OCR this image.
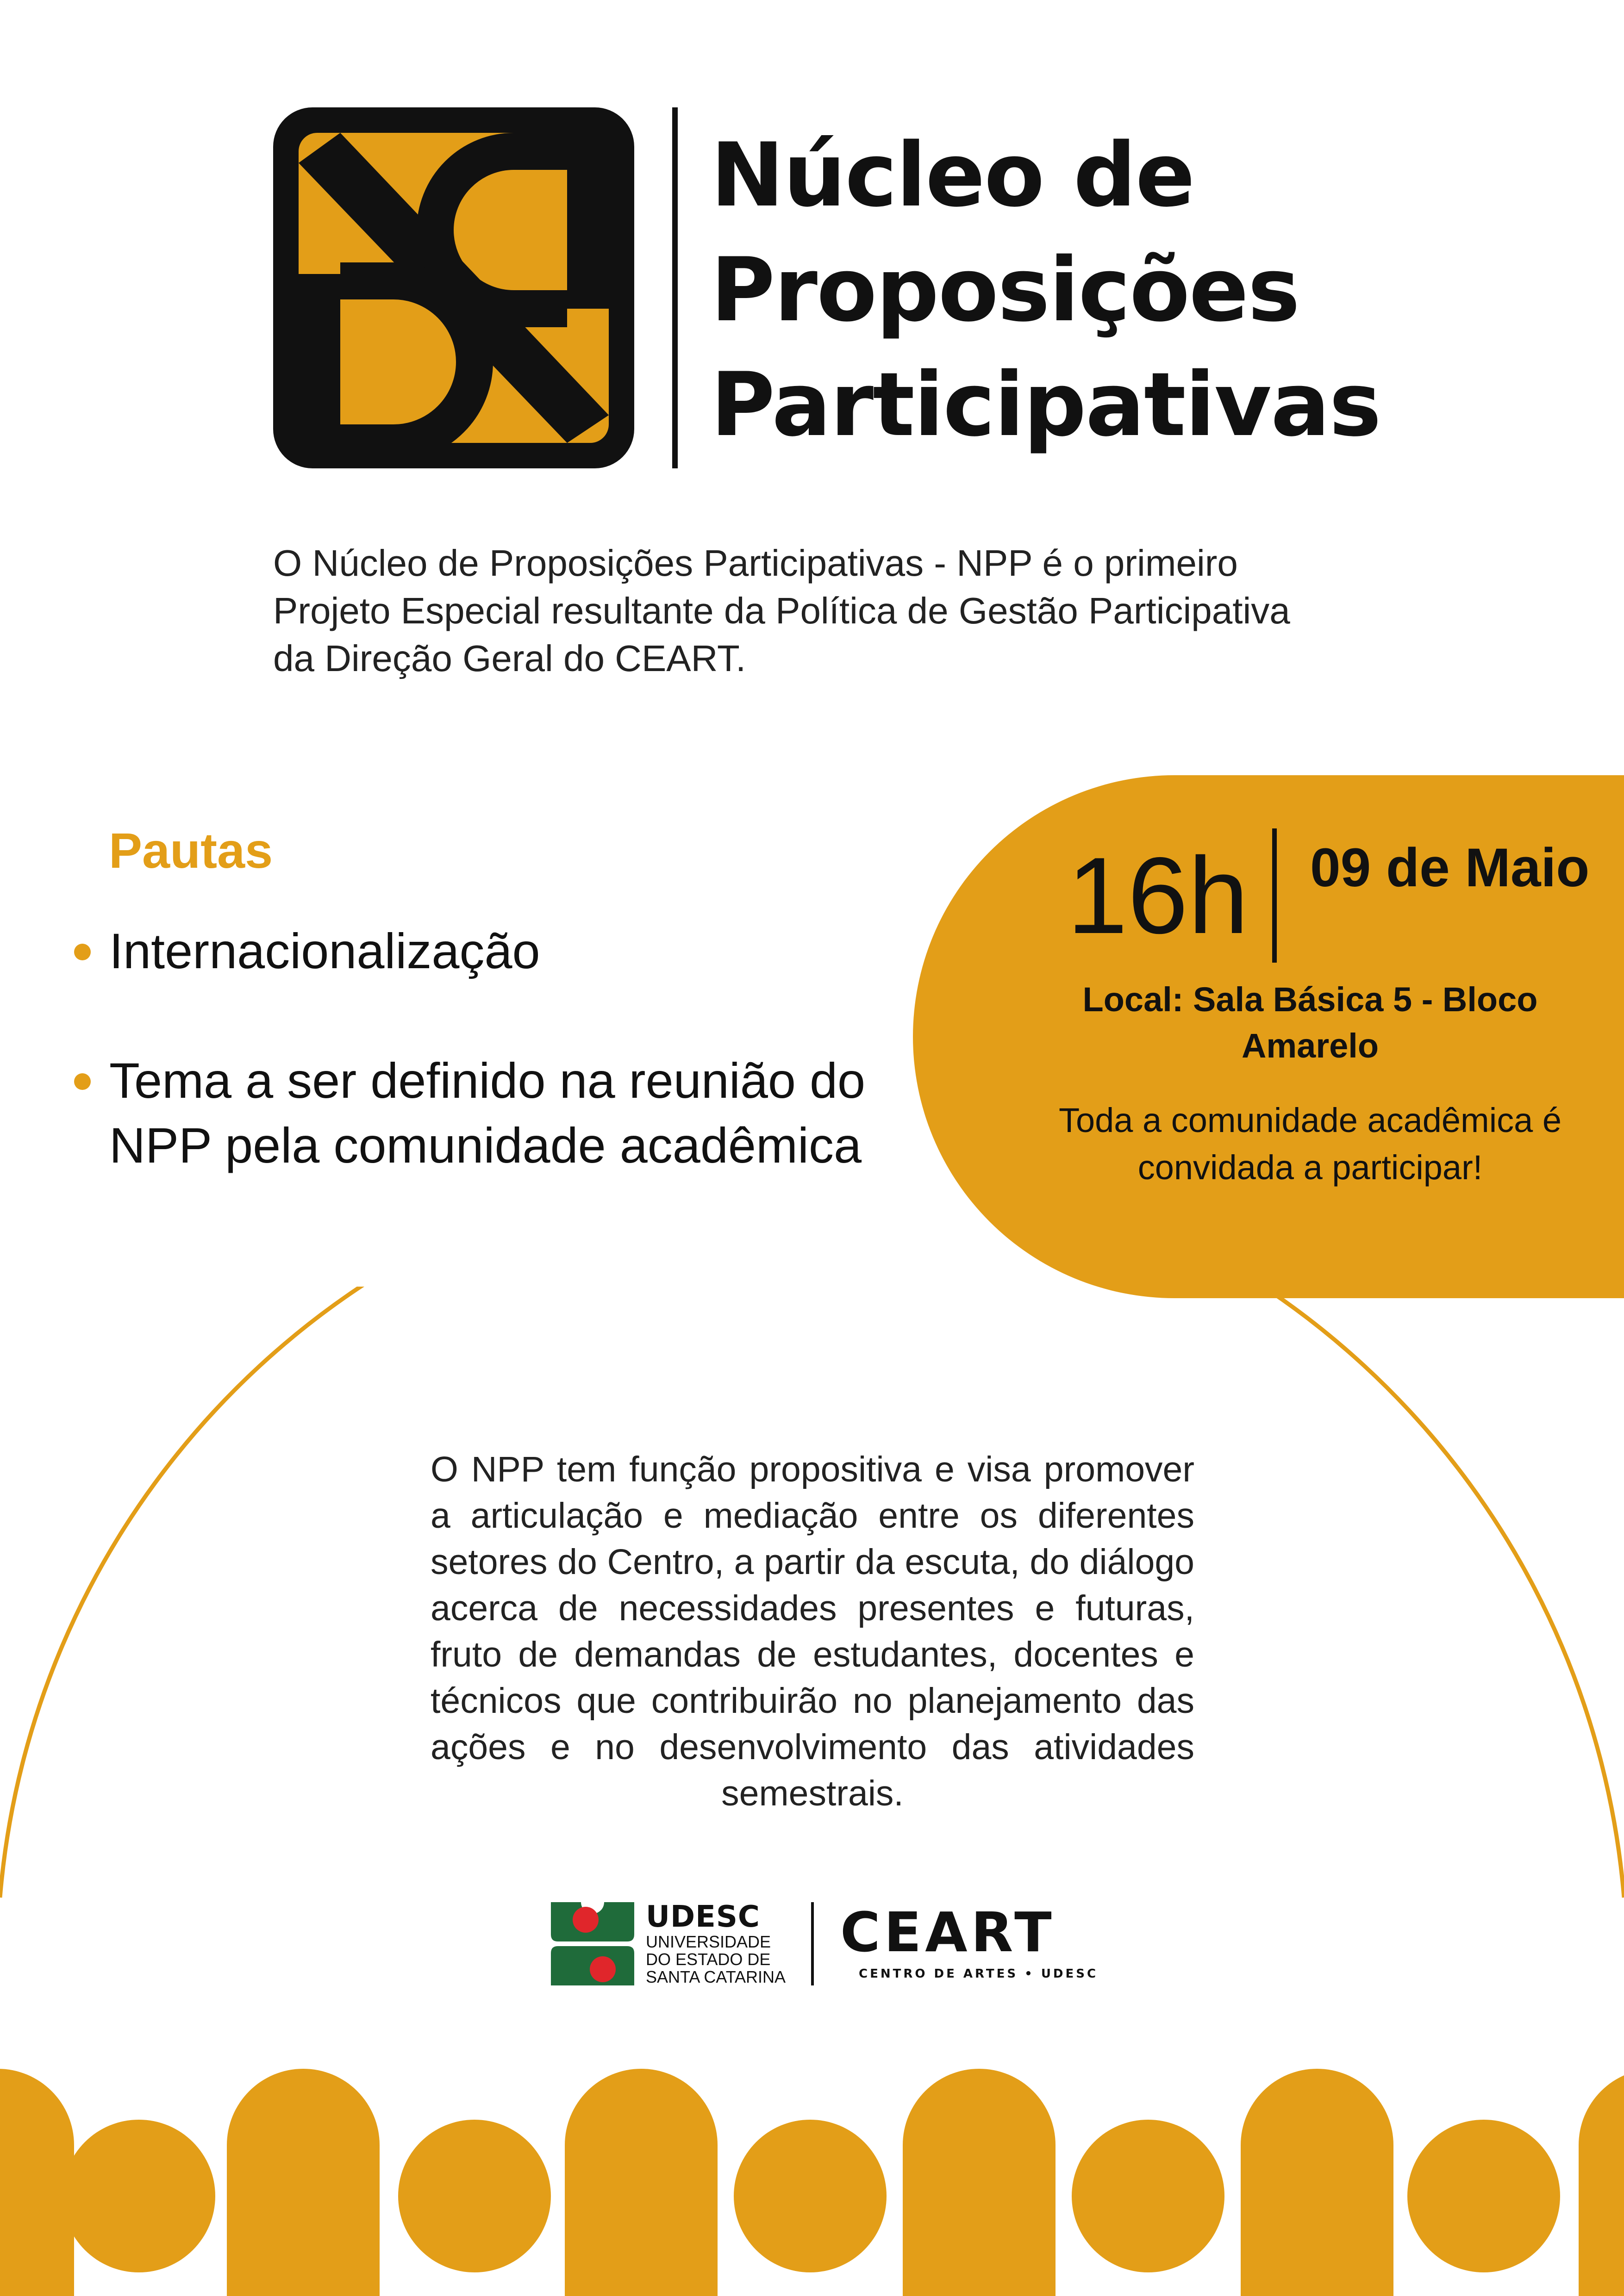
Núcleo de
Proposições
Participativas

O Núcleo de Proposições Participativas - NPP é o primeiro Projeto Especial resultante da Política de Gestão Participativa da Direção Geral do CEART.

Pautas
Internacionalização
Tema a ser definido na reunião do NPP pela comunidade acadêmica

16h 09 de Maio

Local: Sala Básica 5 - Bloco Amarelo

Toda a comunidade acadêmica é convidada a participar!

O NPP tem função propositiva e visa promover a articulação e mediação entre os diferentes setores do Centro, a partir da escuta, do diálogo acerca de necessidades presentes e futuras, fruto de demandas de estudantes, docentes e técnicos que contribuirão no planejamento das ações e no desenvolvimento das atividades semestrais.

UDESC

UNIVERSIDADE

DO ESTADO DE

SANTA CATARINA

CEART

CENTRO DE ARTES • UDESC
